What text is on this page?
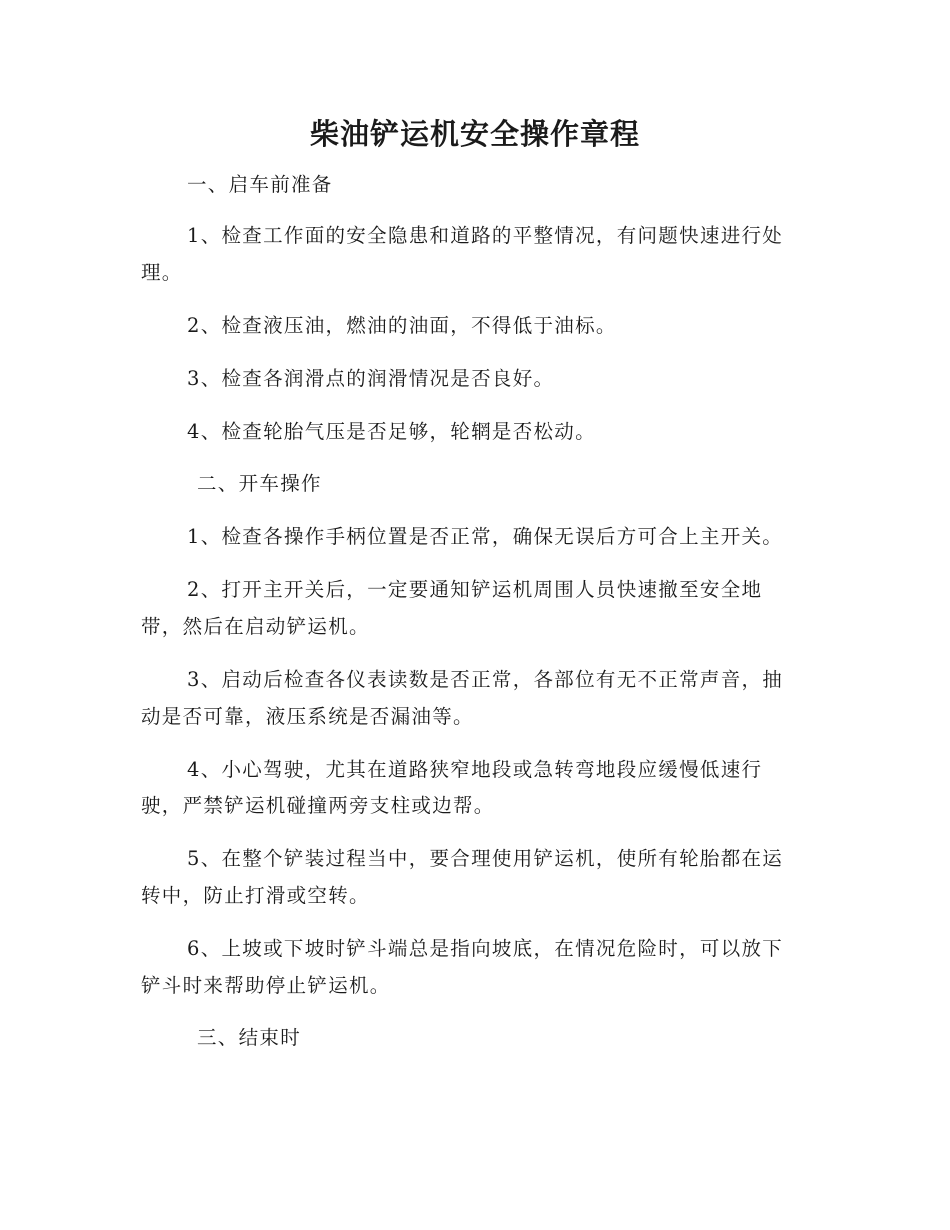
柴油铲运机安全操作章程

一、启车前准备

1、检查工作面的安全隐患和道路的平整情况，有问题快速进行处

理。

2、检查液压油，燃油的油面，不得低于油标。

3、检查各润滑点的润滑情况是否良好。

4、检查轮胎气压是否足够，轮辋是否松动。

二、开车操作

1、检查各操作手柄位置是否正常，确保无误后方可合上主开关。

2、打开主开关后，一定要通知铲运机周围人员快速撤至安全地

带，然后在启动铲运机。

3、启动后检查各仪表读数是否正常，各部位有无不正常声音，抽

动是否可靠，液压系统是否漏油等。

4、小心驾驶，尤其在道路狭窄地段或急转弯地段应缓慢低速行

驶，严禁铲运机碰撞两旁支柱或边帮。

5、在整个铲装过程当中，要合理使用铲运机，使所有轮胎都在运

转中，防止打滑或空转。

6、上坡或下坡时铲斗端总是指向坡底，在情况危险时，可以放下

铲斗时来帮助停止铲运机。

三、结束时
